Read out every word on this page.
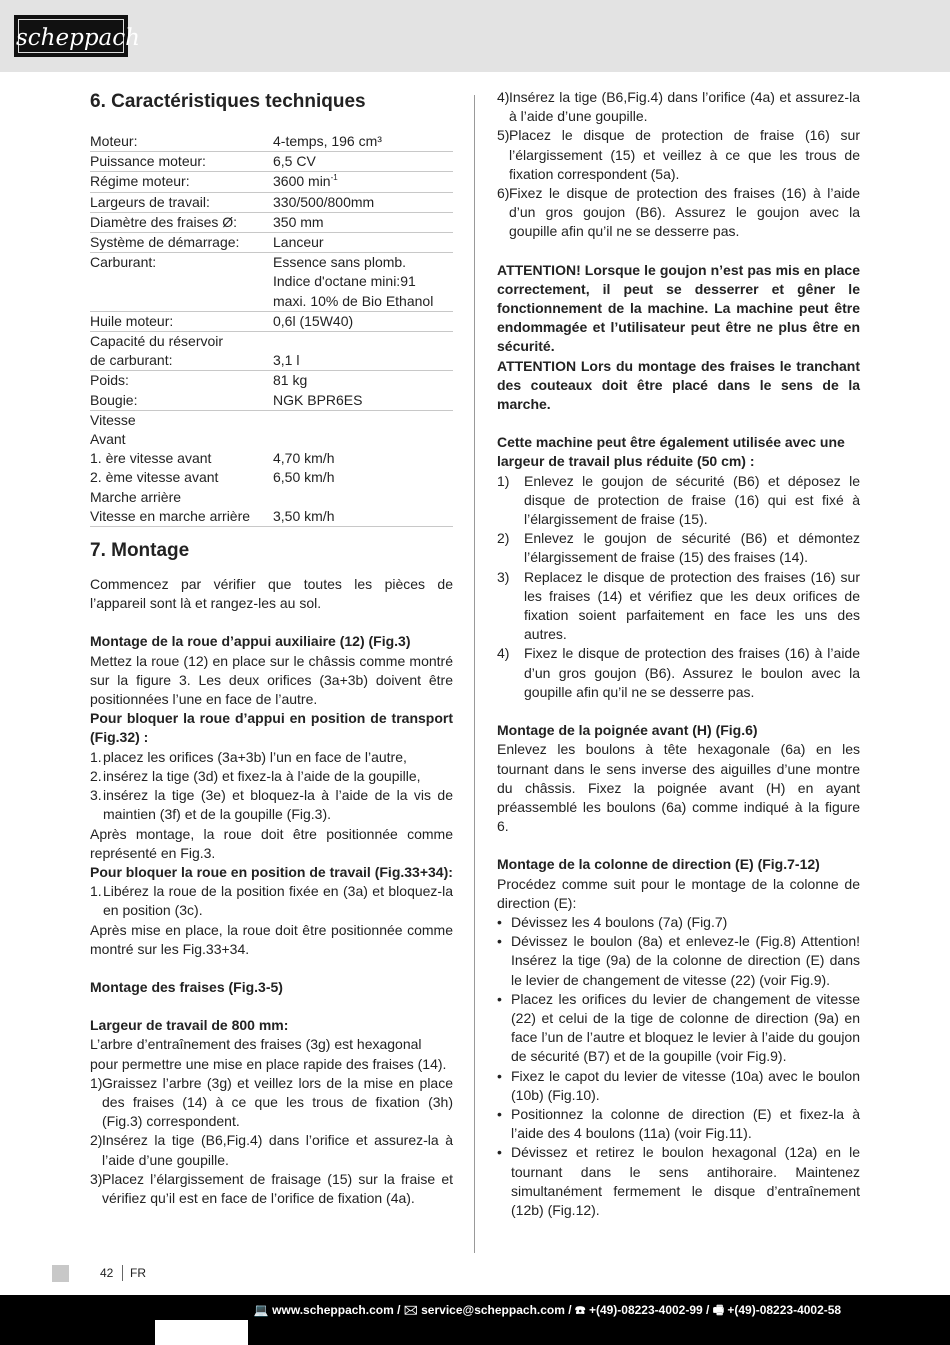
scheppach
6. Caractéristiques techniques
Moteur:	4-temps, 196 cm³
Puissance moteur:	6,5 CV
Régime moteur:	3600 $\min^{-1}$
Largeurs de travail:	330/500/800mm
Diamètre des fraises Ø:	350 mm
Système de démarrage:	Lanceur
Carburant:	Essence sans plomb.
Indice d'octane mini:91
maxi. 10% de Bio Ethanol
Huile moteur:	0,6l (15W40)
Capacité du réservoir
de carburant:	3,1 l
Poids:	81 kg
Bougie:	NGK BPR6ES
Vitesse
Avant
1. ère vitesse avant	4,70 km/h
2. ème vitesse avant	6,50 km/h
Marche arrière
Vitesse en marche arrière	3,50 km/h
7. Montage

Commencez par vérifier que toutes les pièces de l’appareil sont là et rangez-les au sol.

Montage de la roue d’appui auxiliaire (12) (Fig.3)

Mettez la roue (12) en place sur le châssis comme montré sur la figure 3. Les deux orifices (3a+3b) doivent être positionnées l’une en face de l’autre.

Pour bloquer la roue d’appui en position de transport (Fig.32) :

1. placez les orifices (3a+3b) l’un en face de l’autre,
2. insérez la tige (3d) et fixez-la à l’aide de la goupille,
3. insérez la tige (3e) et bloquez-la à l’aide de la vis de maintien (3f) et de la goupille (Fig.3).

Après montage, la roue doit être positionnée comme représenté en Fig.3.

Pour bloquer la roue en position de travail (Fig.33+34):

1. Libérez la roue de la position fixée en (3a) et bloquez-la en position (3c).

Après mise en place, la roue doit être positionnée comme montré sur les Fig.33+34.

Montage des fraises (Fig.3-5)

Largeur de travail de 800 mm:

L’arbre d’entraînement des fraises (3g) est hexagonal pour permettre une mise en place rapide des fraises (14).

1) Graissez l’arbre (3g) et veillez lors de la mise en place des fraises (14) à ce que les trous de fixation (3h) (Fig.3) correspondent.
2) Insérez la tige (B6,Fig.4) dans l’orifice et assurez-la à l’aide d’une goupille.
3) Placez l’élargissement de fraisage (15) sur la fraise et vérifiez qu’il est en face de l’orifice de fixation (4a).
4) Insérez la tige (B6,Fig.4) dans l’orifice (4a) et assurez-la à l’aide d’une goupille.
5) Placez le disque de protection de fraise (16) sur l’élargissement (15) et veillez à ce que les trous de fixation correspondent (5a).
6) Fixez le disque de protection des fraises (16) à l’aide d’un gros goujon (B6). Assurez le goujon avec la goupille afin qu’il ne se desserre pas.

ATTENTION! Lorsque le goujon n’est pas mis en place correctement, il peut se desserrer et gêner le fonctionnement de la machine. La machine peut être endommagée et l’utilisateur peut être ne plus être en sécurité.

ATTENTION Lors du montage des fraises le tranchant des couteaux doit être placé dans le sens de la marche.

Cette machine peut être également utilisée avec une largeur de travail plus réduite (50 cm) :

1)	Enlevez le goujon de sécurité (B6) et déposez le disque de protection de fraise (16) qui est fixé à l’élargissement de fraise (15).
2)	Enlevez le goujon de sécurité (B6) et démontez l’élargissement de fraise (15) des fraises (14).
3)	Replacez le disque de protection des fraises (16) sur les fraises (14) et vérifiez que les deux orifices de fixation soient parfaitement en face les uns des autres.
4)	Fixez le disque de protection des fraises (16) à l’aide d’un gros goujon (B6). Assurez le boulon avec la goupille afin qu’il ne se desserre pas.

Montage de la poignée avant (H) (Fig.6)

Enlevez les boulons à tête hexagonale (6a) en les tournant dans le sens inverse des aiguilles d’une montre du châssis. Fixez la poignée avant (H) en ayant préassemblé les boulons (6a) comme indiqué à la figure 6.

Montage de la colonne de direction (E) (Fig.7-12)

Procédez comme suit pour le montage de la colonne de direction (E):

• Dévissez les 4 boulons (7a) (Fig.7)
• Dévissez le boulon (8a) et enlevez-le (Fig.8) Attention! Insérez la tige (9a) de la colonne de direction (E) dans le levier de changement de vitesse (22) (voir Fig.9).
• Placez les orifices du levier de changement de vitesse (22) et celui de la tige de colonne de direction (9a) en face l’un de l’autre et bloquez le levier à l’aide du goujon de sécurité (B7) et de la goupille (voir Fig.9).
• Fixez le capot du levier de vitesse (10a) avec le boulon (10b) (Fig.10).
• Positionnez la colonne de direction (E) et fixez-la à l’aide des 4 boulons (11a) (voir Fig.11).
• Dévissez et retirez le boulon hexagonal (12a) en le tournant dans le sens antihoraire. Maintenez simultanément fermement le disque d’entraînement (12b) (Fig.12).
42 FR
💻 www.scheppach.com / 🖂 service@scheppach.com / ☎ +(49)-08223-4002-99 / 🖷 +(49)-08223-4002-58
